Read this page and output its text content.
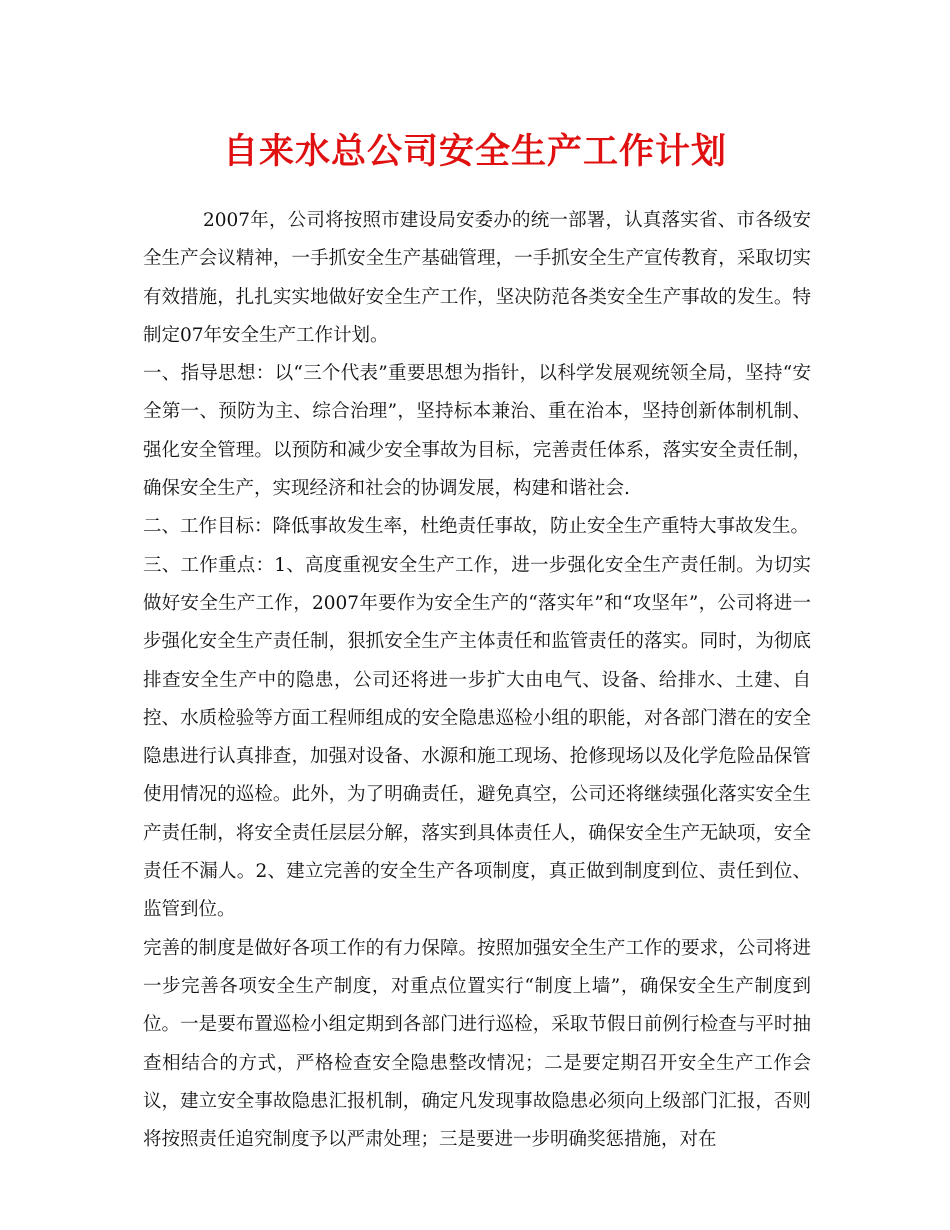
自来水总公司安全生产工作计划

2007年，公司将按照市建设局安委办的统一部署，认真落实省、市各级安全生产会议精神，一手抓安全生产基础管理，一手抓安全生产宣传教育，采取切实有效措施，扎扎实实地做好安全生产工作，坚决防范各类安全生产事故的发生。特制定07年安全生产工作计划。

一、指导思想：以“三个代表”重要思想为指针，以科学发展观统领全局，坚持“安全第一、预防为主、综合治理”，坚持标本兼治、重在治本，坚持创新体制机制、强化安全管理。以预防和减少安全事故为目标，完善责任体系，落实安全责任制，确保安全生产，实现经济和社会的协调发展，构建和谐社会.

二、工作目标：降低事故发生率，杜绝责任事故，防止安全生产重特大事故发生。

三、工作重点：1、高度重视安全生产工作，进一步强化安全生产责任制。为切实做好安全生产工作，2007年要作为安全生产的“落实年”和“攻坚年”，公司将进一步强化安全生产责任制，狠抓安全生产主体责任和监管责任的落实。同时，为彻底排查安全生产中的隐患，公司还将进一步扩大由电气、设备、给排水、土建、自控、水质检验等方面工程师组成的安全隐患巡检小组的职能，对各部门潜在的安全隐患进行认真排查，加强对设备、水源和施工现场、抢修现场以及化学危险品保管使用情况的巡检。此外，为了明确责任，避免真空，公司还将继续强化落实安全生产责任制，将安全责任层层分解，落实到具体责任人，确保安全生产无缺项，安全责任不漏人。2、建立完善的安全生产各项制度，真正做到制度到位、责任到位、监管到位。

完善的制度是做好各项工作的有力保障。按照加强安全生产工作的要求，公司将进一步完善各项安全生产制度，对重点位置实行“制度上墙”，确保安全生产制度到位。一是要布置巡检小组定期到各部门进行巡检，采取节假日前例行检查与平时抽查相结合的方式，严格检查安全隐患整改情况；二是要定期召开安全生产工作会议，建立安全事故隐患汇报机制，确定凡发现事故隐患必须向上级部门汇报，否则将按照责任追究制度予以严肃处理；三是要进一步明确奖惩措施，对在
